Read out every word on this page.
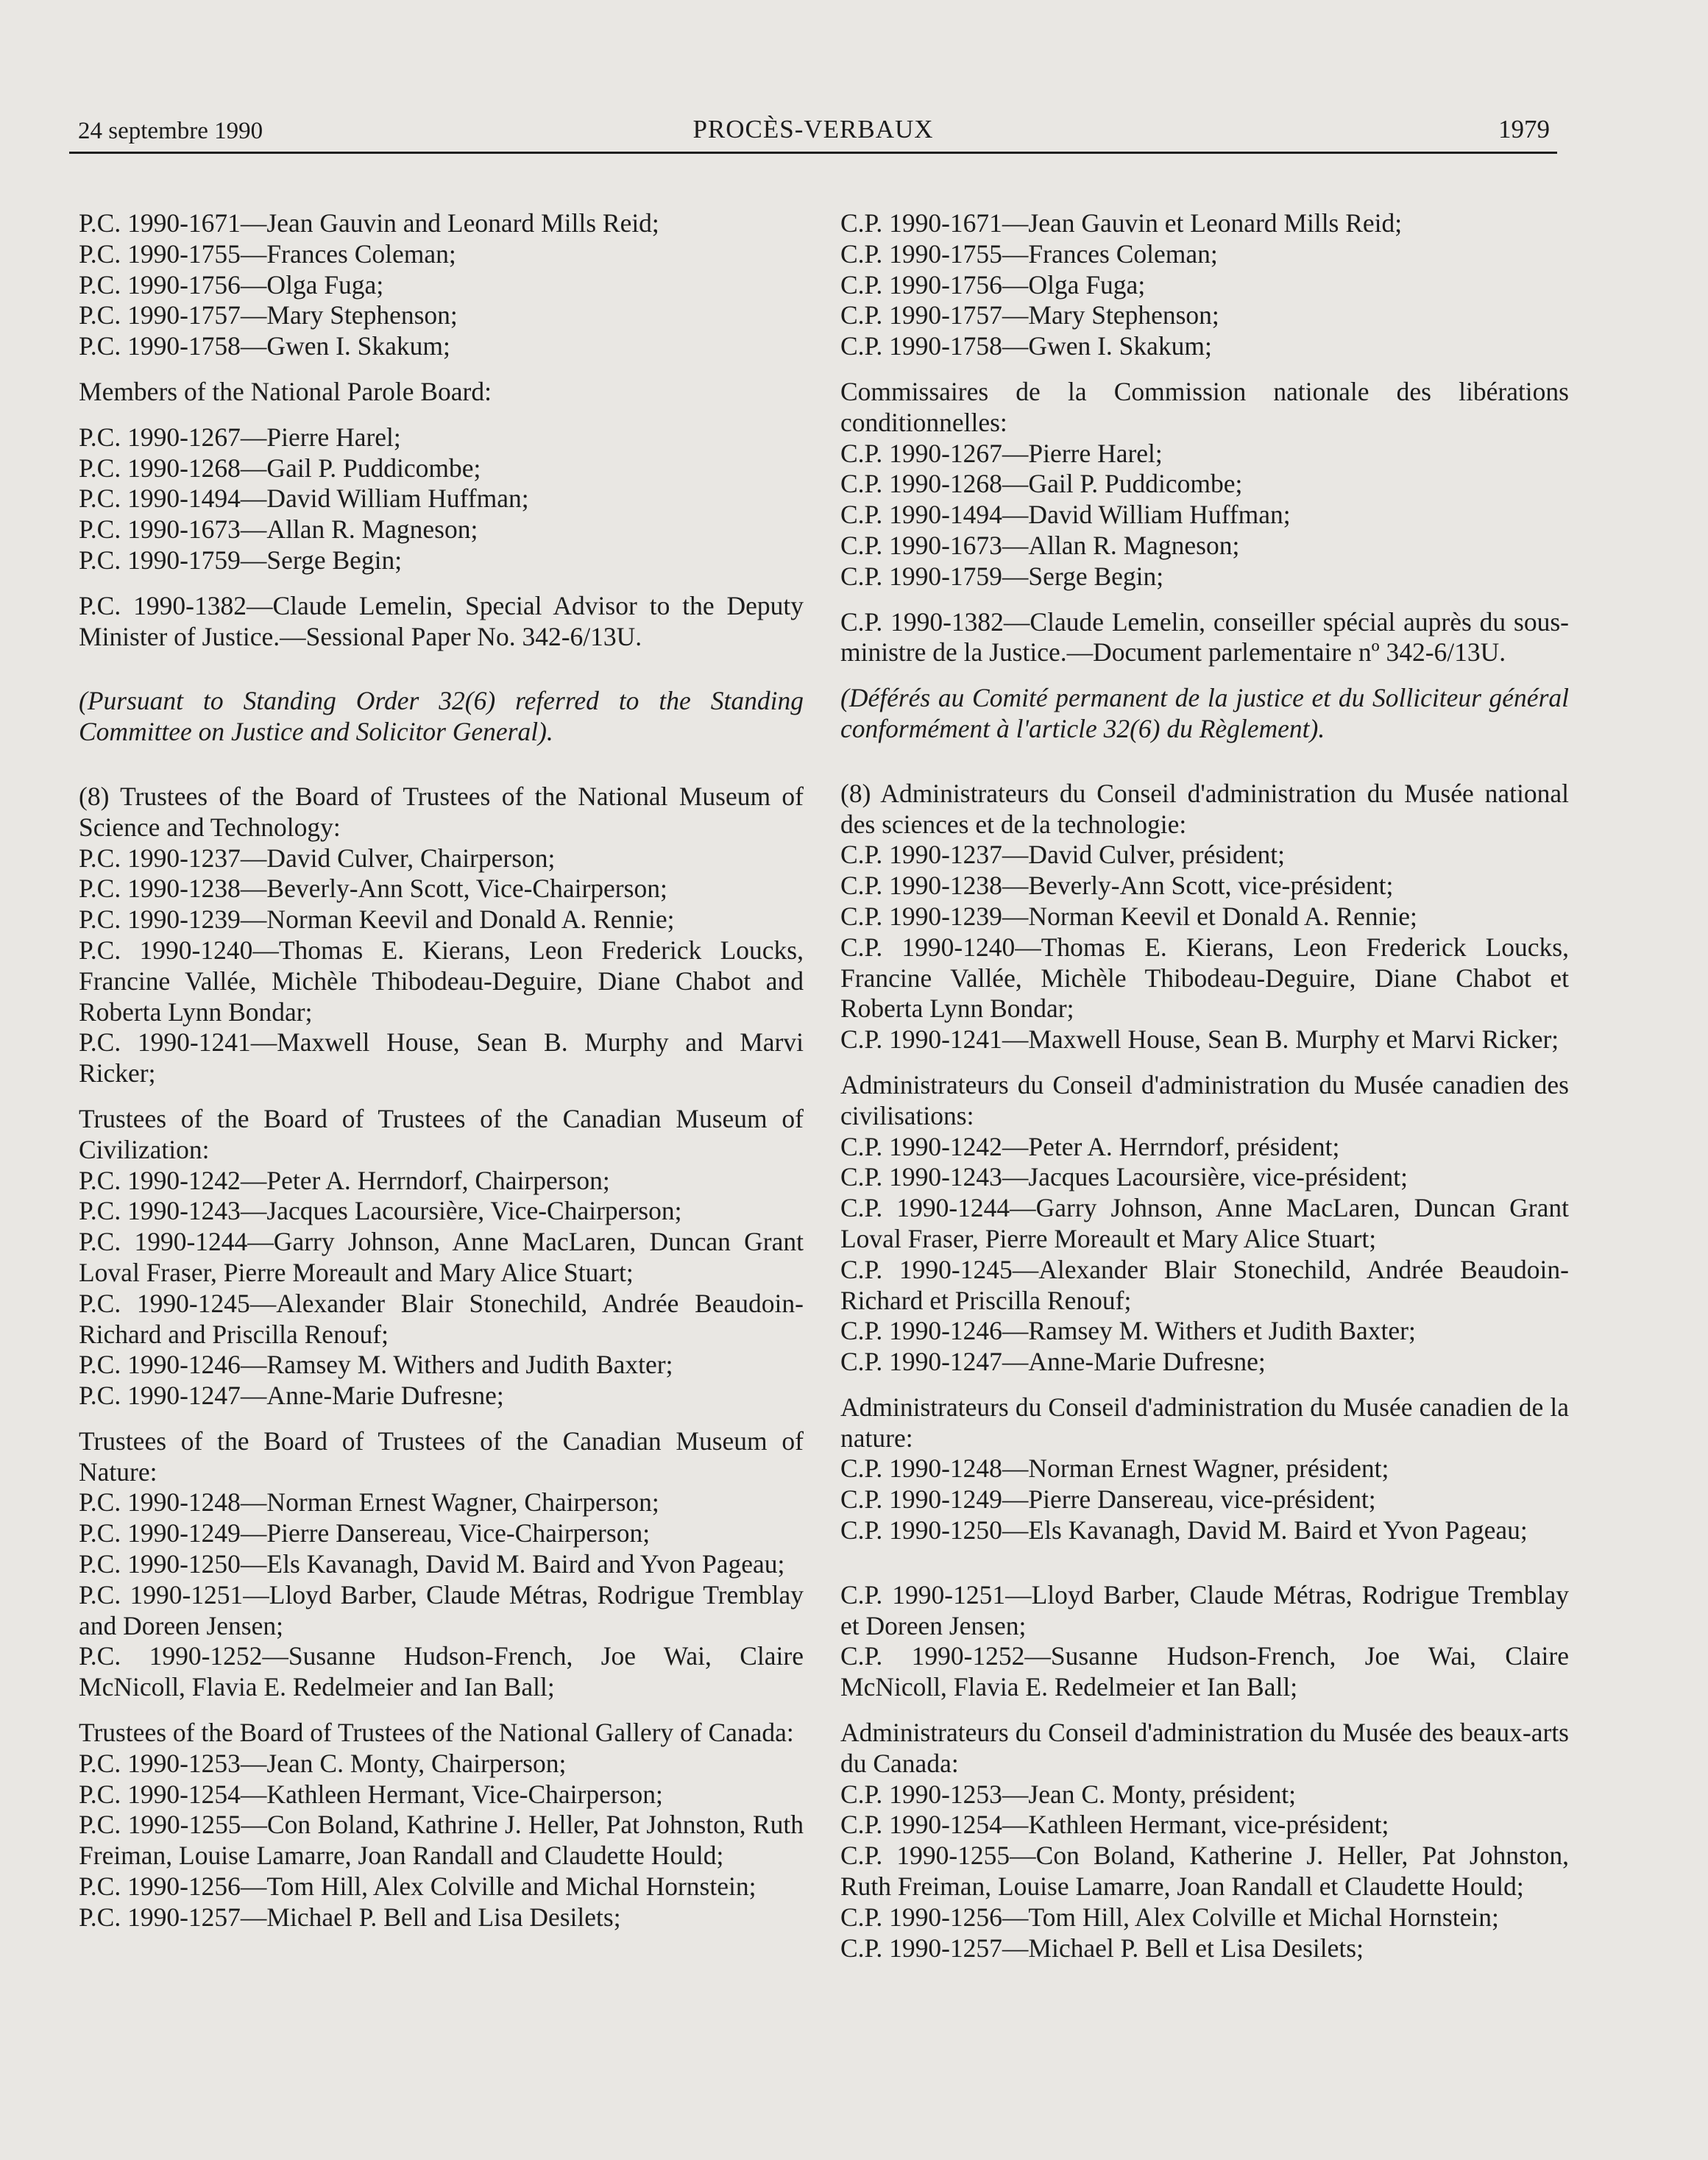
24 septembre 1990	PROCÈS-VERBAUX	1979

P.C. 1990-1671—Jean Gauvin and Leonard Mills Reid;

P.C. 1990-1755—Frances Coleman;

P.C. 1990-1756—Olga Fuga;

P.C. 1990-1757—Mary Stephenson;

P.C. 1990-1758—Gwen I. Skakum;

Members of the National Parole Board:

P.C. 1990-1267—Pierre Harel;

P.C. 1990-1268—Gail P. Puddicombe;

P.C. 1990-1494—David William Huffman;

P.C. 1990-1673—Allan R. Magneson;

P.C. 1990-1759—Serge Begin;

P.C. 1990-1382—Claude Lemelin, Special Advisor to the Deputy Minister of Justice.—Sessional Paper No. 342-6/13U.

(Pursuant to Standing Order 32(6) referred to the Standing Committee on Justice and Solicitor General).

(8) Trustees of the Board of Trustees of the National Museum of Science and Technology:

P.C. 1990-1237—David Culver, Chairperson;

P.C. 1990-1238—Beverly-Ann Scott, Vice-Chairperson;

P.C. 1990-1239—Norman Keevil and Donald A. Rennie;

P.C. 1990-1240—Thomas E. Kierans, Leon Frederick Loucks, Francine Vallée, Michèle Thibodeau-Deguire, Diane Chabot and Roberta Lynn Bondar;

P.C. 1990-1241—Maxwell House, Sean B. Murphy and Marvi Ricker;

Trustees of the Board of Trustees of the Canadian Museum of Civilization:

P.C. 1990-1242—Peter A. Herrndorf, Chairperson;

P.C. 1990-1243—Jacques Lacoursière, Vice-Chairperson;

P.C. 1990-1244—Garry Johnson, Anne MacLaren, Duncan Grant Loval Fraser, Pierre Moreault and Mary Alice Stuart;

P.C. 1990-1245—Alexander Blair Stonechild, Andrée Beaudoin-Richard and Priscilla Renouf;

P.C. 1990-1246—Ramsey M. Withers and Judith Baxter;

P.C. 1990-1247—Anne-Marie Dufresne;

Trustees of the Board of Trustees of the Canadian Museum of Nature:

P.C. 1990-1248—Norman Ernest Wagner, Chairperson;

P.C. 1990-1249—Pierre Dansereau, Vice-Chairperson;

P.C. 1990-1250—Els Kavanagh, David M. Baird and Yvon Pageau;

P.C. 1990-1251—Lloyd Barber, Claude Métras, Rodrigue Tremblay and Doreen Jensen;

P.C. 1990-1252—Susanne Hudson-French, Joe Wai, Claire McNicoll, Flavia E. Redelmeier and Ian Ball;

Trustees of the Board of Trustees of the National Gallery of Canada:

P.C. 1990-1253—Jean C. Monty, Chairperson;

P.C. 1990-1254—Kathleen Hermant, Vice-Chairperson;

P.C. 1990-1255—Con Boland, Kathrine J. Heller, Pat Johnston, Ruth Freiman, Louise Lamarre, Joan Randall and Claudette Hould;

P.C. 1990-1256—Tom Hill, Alex Colville and Michal Hornstein;

P.C. 1990-1257—Michael P. Bell and Lisa Desilets;

C.P. 1990-1671—Jean Gauvin et Leonard Mills Reid;

C.P. 1990-1755—Frances Coleman;

C.P. 1990-1756—Olga Fuga;

C.P. 1990-1757—Mary Stephenson;

C.P. 1990-1758—Gwen I. Skakum;

Commissaires de la Commission nationale des libérations conditionnelles:

C.P. 1990-1267—Pierre Harel;

C.P. 1990-1268—Gail P. Puddicombe;

C.P. 1990-1494—David William Huffman;

C.P. 1990-1673—Allan R. Magneson;

C.P. 1990-1759—Serge Begin;

C.P. 1990-1382—Claude Lemelin, conseiller spécial auprès du sous-ministre de la Justice.—Document parlementaire nº 342-6/13U.

(Déférés au Comité permanent de la justice et du Solliciteur général conformément à l'article 32(6) du Règlement).

(8) Administrateurs du Conseil d'administration du Musée national des sciences et de la technologie:

C.P. 1990-1237—David Culver, président;

C.P. 1990-1238—Beverly-Ann Scott, vice-président;

C.P. 1990-1239—Norman Keevil et Donald A. Rennie;

C.P. 1990-1240—Thomas E. Kierans, Leon Frederick Loucks, Francine Vallée, Michèle Thibodeau-Deguire, Diane Chabot et Roberta Lynn Bondar;

C.P. 1990-1241—Maxwell House, Sean B. Murphy et Marvi Ricker;

Administrateurs du Conseil d'administration du Musée canadien des civilisations:

C.P. 1990-1242—Peter A. Herrndorf, président;

C.P. 1990-1243—Jacques Lacoursière, vice-président;

C.P. 1990-1244—Garry Johnson, Anne MacLaren, Duncan Grant Loval Fraser, Pierre Moreault et Mary Alice Stuart;

C.P. 1990-1245—Alexander Blair Stonechild, Andrée Beaudoin-Richard et Priscilla Renouf;

C.P. 1990-1246—Ramsey M. Withers et Judith Baxter;

C.P. 1990-1247—Anne-Marie Dufresne;

Administrateurs du Conseil d'administration du Musée canadien de la nature:

C.P. 1990-1248—Norman Ernest Wagner, président;

C.P. 1990-1249—Pierre Dansereau, vice-président;

C.P. 1990-1250—Els Kavanagh, David M. Baird et Yvon Pageau;

C.P. 1990-1251—Lloyd Barber, Claude Métras, Rodrigue Tremblay et Doreen Jensen;

C.P. 1990-1252—Susanne Hudson-French, Joe Wai, Claire McNicoll, Flavia E. Redelmeier et Ian Ball;

Administrateurs du Conseil d'administration du Musée des beaux-arts du Canada:

C.P. 1990-1253—Jean C. Monty, président;

C.P. 1990-1254—Kathleen Hermant, vice-président;

C.P. 1990-1255—Con Boland, Katherine J. Heller, Pat Johnston, Ruth Freiman, Louise Lamarre, Joan Randall et Claudette Hould;

C.P. 1990-1256—Tom Hill, Alex Colville et Michal Hornstein;

C.P. 1990-1257—Michael P. Bell et Lisa Desilets;
